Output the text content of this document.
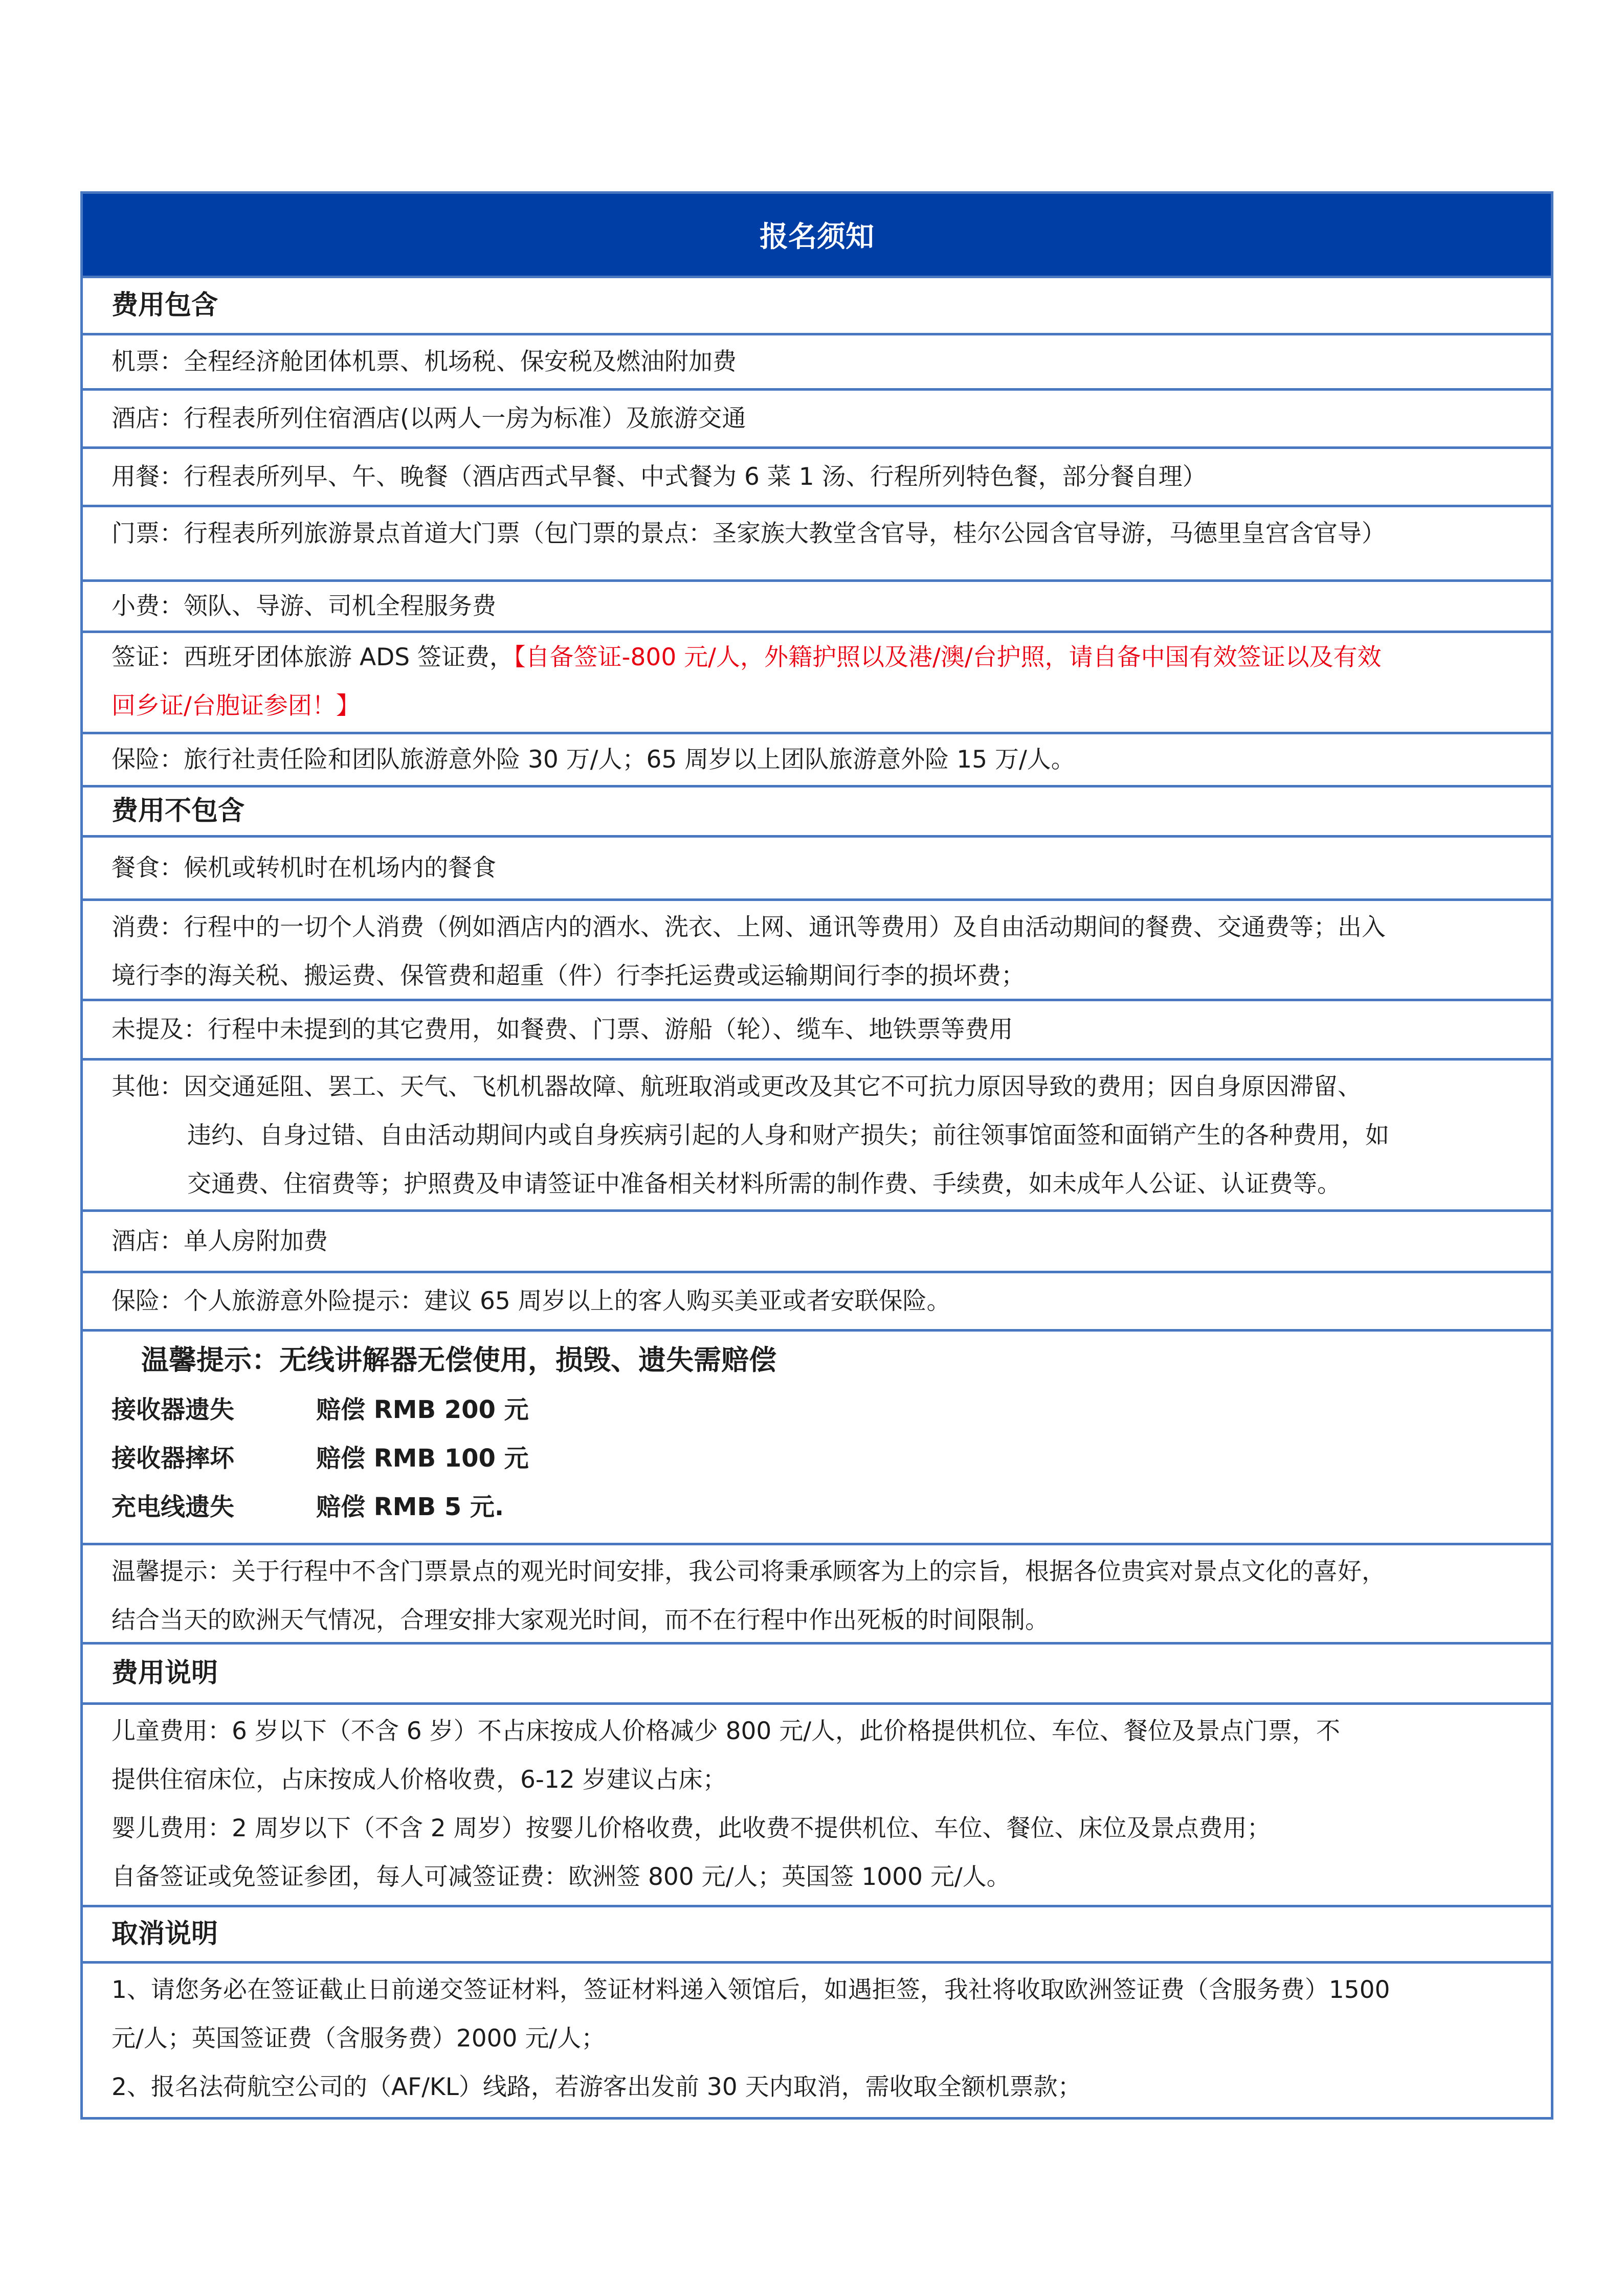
报名须知
费用包含
机票：全程经济舱团体机票、机场税、保安税及燃油附加费
酒店：行程表所列住宿酒店(以两人一房为标准）及旅游交通
用餐：行程表所列早、午、晚餐（酒店西式早餐、中式餐为 6 菜 1 汤、行程所列特色餐，部分餐自理）
门票：行程表所列旅游景点首道大门票（包门票的景点：圣家族大教堂含官导，桂尔公园含官导游，马德里皇宫含官导）
小费：领队、导游、司机全程服务费
签证：西班牙团体旅游 ADS 签证费，【自备签证-800 元/人，外籍护照以及港/澳/台护照，请自备中国有效签证以及有效
回乡证/台胞证参团！】
保险：旅行社责任险和团队旅游意外险 30 万/人；65 周岁以上团队旅游意外险 15 万/人。
费用不包含
餐食：候机或转机时在机场内的餐食
消费：行程中的一切个人消费（例如酒店内的酒水、洗衣、上网、通讯等费用）及自由活动期间的餐费、交通费等；出入
境行李的海关税、搬运费、保管费和超重（件）行李托运费或运输期间行李的损坏费；
未提及：行程中未提到的其它费用，如餐费、门票、游船（轮）、缆车、地铁票等费用
其他：因交通延阻、罢工、天气、飞机机器故障、航班取消或更改及其它不可抗力原因导致的费用；因自身原因滞留、
违约、自身过错、自由活动期间内或自身疾病引起的人身和财产损失；前往领事馆面签和面销产生的各种费用，如
交通费、住宿费等；护照费及申请签证中准备相关材料所需的制作费、手续费，如未成年人公证、认证费等。
酒店：单人房附加费
保险：个人旅游意外险提示：建议 65 周岁以上的客人购买美亚或者安联保险。
温馨提示：无线讲解器无偿使用，损毁、遗失需赔偿
接收器遗失	赔偿 RMB 200 元
接收器摔坏	赔偿 RMB 100 元
充电线遗失	赔偿 RMB 5 元.
温馨提示：关于行程中不含门票景点的观光时间安排，我公司将秉承顾客为上的宗旨，根据各位贵宾对景点文化的喜好，
结合当天的欧洲天气情况，合理安排大家观光时间，而不在行程中作出死板的时间限制。
费用说明
儿童费用：6 岁以下（不含 6 岁）不占床按成人价格减少 800 元/人，此价格提供机位、车位、餐位及景点门票，不
提供住宿床位，占床按成人价格收费，6-12 岁建议占床；
婴儿费用：2 周岁以下（不含 2 周岁）按婴儿价格收费，此收费不提供机位、车位、餐位、床位及景点费用；
自备签证或免签证参团，每人可减签证费：欧洲签 800 元/人；英国签 1000 元/人。
取消说明
1、请您务必在签证截止日前递交签证材料，签证材料递入领馆后，如遇拒签，我社将收取欧洲签证费（含服务费）1500
元/人；英国签证费（含服务费）2000 元/人；
2、报名法荷航空公司的（AF/KL）线路，若游客出发前 30 天内取消，需收取全额机票款；
